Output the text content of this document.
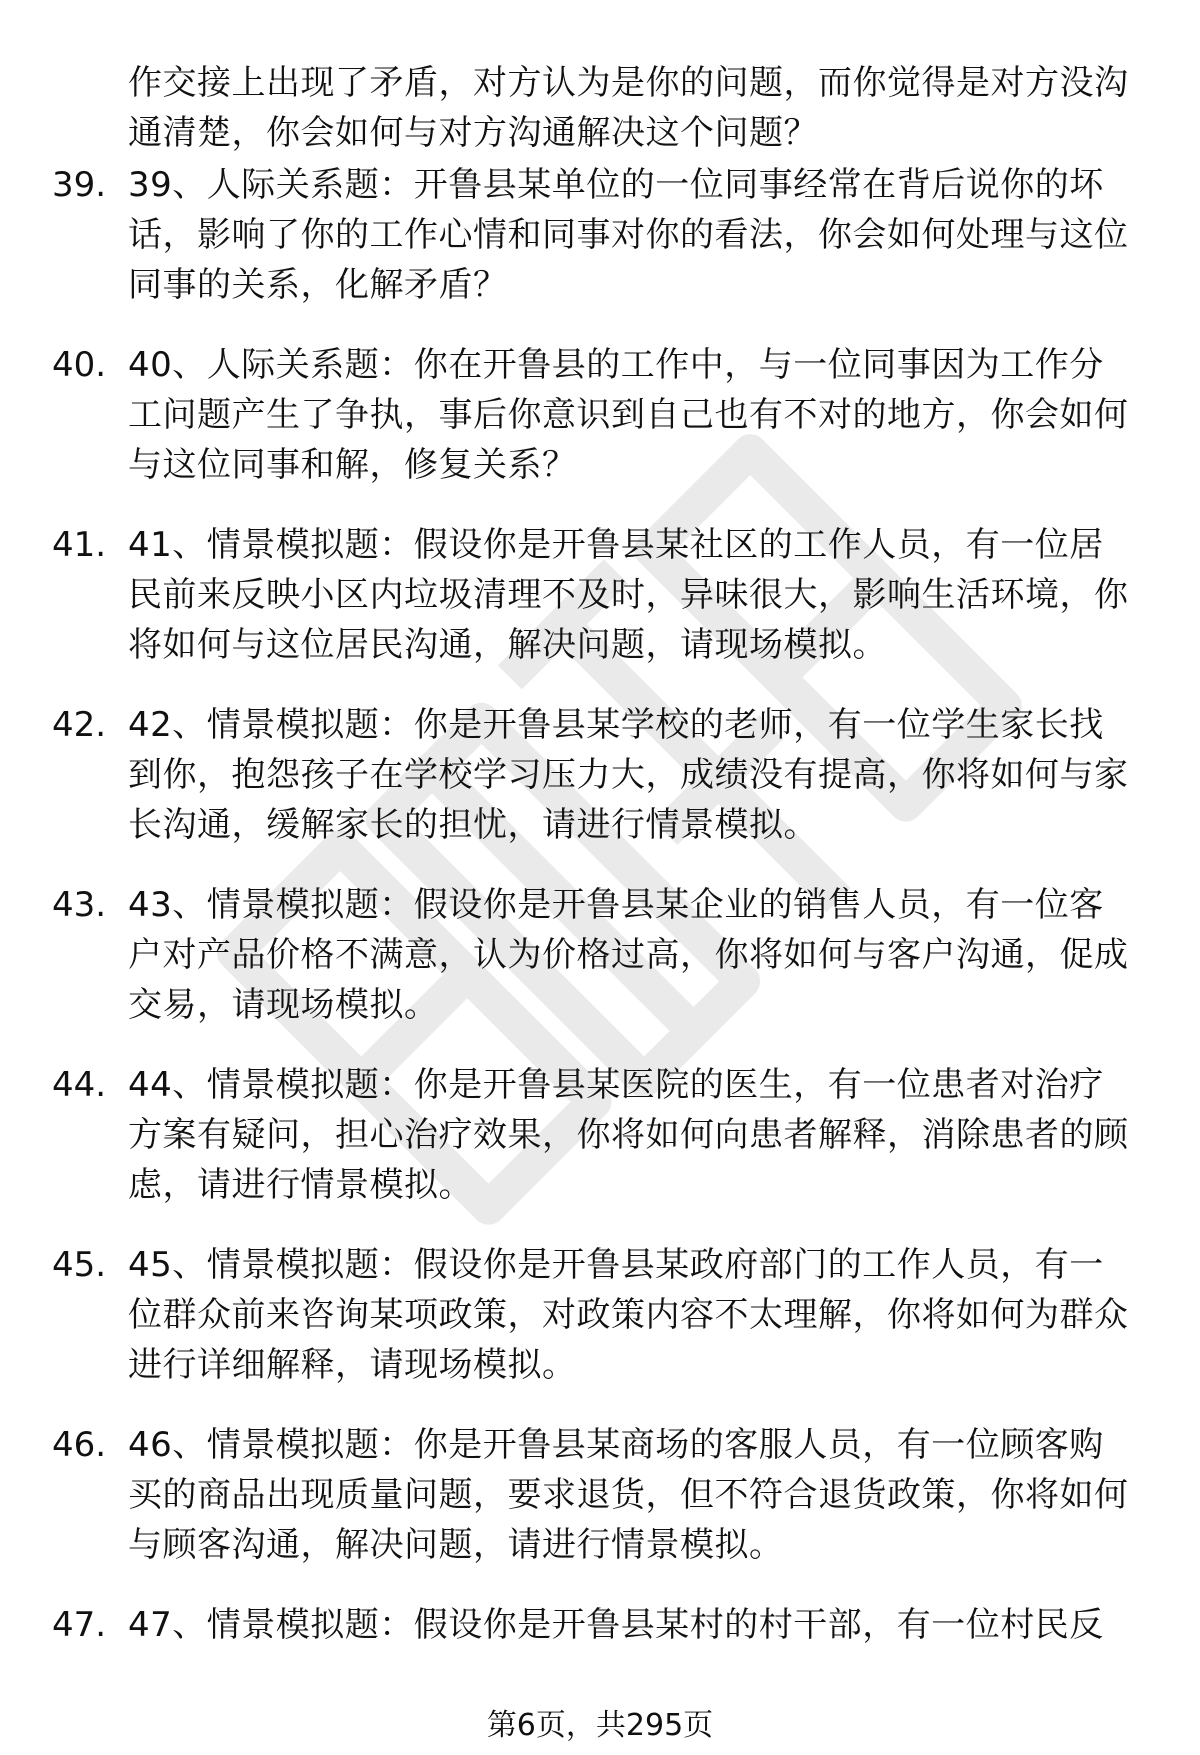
作交接上出现了矛盾，对方认为是你的问题，而你觉得是对方没沟通清楚，你会如何与对方沟通解决这个问题？

39. 39、人际关系题：开鲁县某单位的一位同事经常在背后说你的坏话，影响了你的工作心情和同事对你的看法，你会如何处理与这位同事的关系，化解矛盾？
40. 40、人际关系题：你在开鲁县的工作中，与一位同事因为工作分工问题产生了争执，事后你意识到自己也有不对的地方，你会如何与这位同事和解，修复关系？
41. 41、情景模拟题：假设你是开鲁县某社区的工作人员，有一位居民前来反映小区内垃圾清理不及时，异味很大，影响生活环境，你将如何与这位居民沟通，解决问题，请现场模拟。
42. 42、情景模拟题：你是开鲁县某学校的老师，有一位学生家长找到你，抱怨孩子在学校学习压力大，成绩没有提高，你将如何与家长沟通，缓解家长的担忧，请进行情景模拟。
43. 43、情景模拟题：假设你是开鲁县某企业的销售人员，有一位客户对产品价格不满意，认为价格过高，你将如何与客户沟通，促成交易，请现场模拟。
44. 44、情景模拟题：你是开鲁县某医院的医生，有一位患者对治疗方案有疑问，担心治疗效果，你将如何向患者解释，消除患者的顾虑，请进行情景模拟。
45. 45、情景模拟题：假设你是开鲁县某政府部门的工作人员，有一位群众前来咨询某项政策，对政策内容不太理解，你将如何为群众进行详细解释，请现场模拟。
46. 46、情景模拟题：你是开鲁县某商场的客服人员，有一位顾客购买的商品出现质量问题，要求退货，但不符合退货政策，你将如何与顾客沟通，解决问题，请进行情景模拟。
47. 47、情景模拟题：假设你是开鲁县某村的村干部，有一位村民反
第6页，共295页
